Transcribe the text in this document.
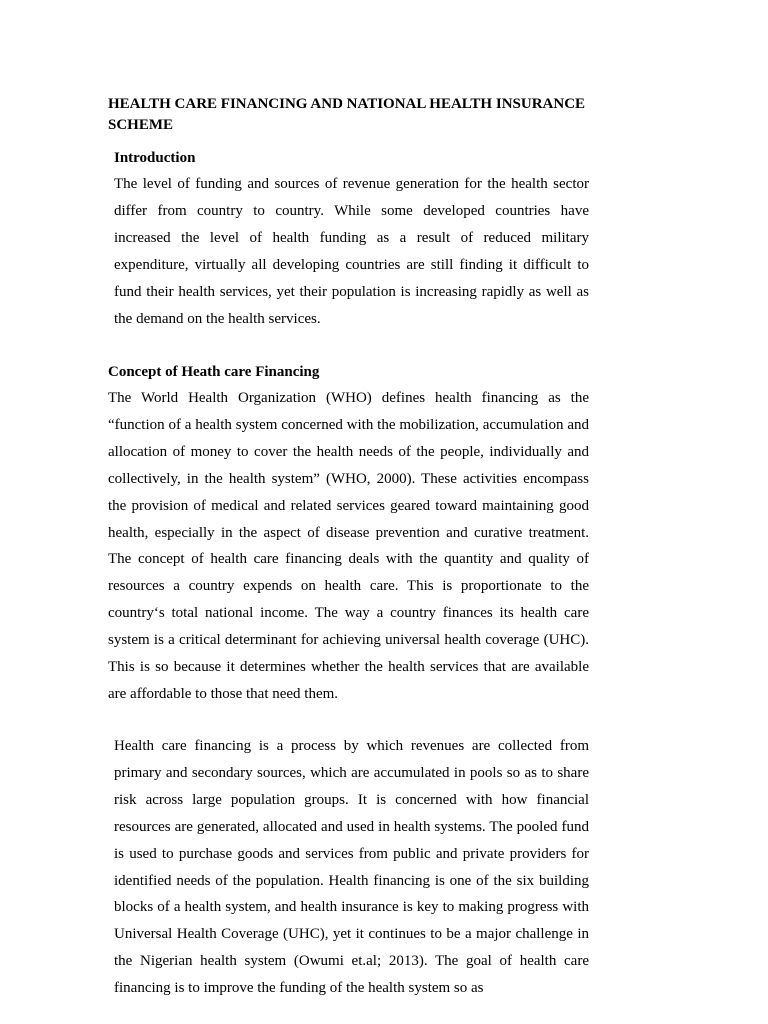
HEALTH CARE FINANCING AND NATIONAL HEALTH INSURANCE SCHEME
Introduction

The level of funding and sources of revenue generation for the health sector differ from country to country. While some developed countries have increased the level of health funding as a result of reduced military expenditure, virtually all developing countries are still finding it difficult to fund their health services, yet their population is increasing rapidly as well as the demand on the health services.

Concept of Heath care Financing

The World Health Organization (WHO) defines health financing as the “function of a health system concerned with the mobilization, accumulation and allocation of money to cover the health needs of the people, individually and collectively, in the health system” (WHO, 2000). These activities encompass the provision of medical and related services geared toward maintaining good health, especially in the aspect of disease prevention and curative treatment. The concept of health care financing deals with the quantity and quality of resources a country expends on health care. This is proportionate to the country‘s total national income. The way a country finances its health care system is a critical determinant for achieving universal health coverage (UHC). This is so because it determines whether the health services that are available are affordable to those that need them.

Health care financing is a process by which revenues are collected from primary and secondary sources, which are accumulated in pools so as to share risk across large population groups. It is concerned with how financial resources are generated, allocated and used in health systems. The pooled fund is used to purchase goods and services from public and private providers for identified needs of the population. Health financing is one of the six building blocks of a health system, and health insurance is key to making progress with Universal Health Coverage (UHC), yet it continues to be a major challenge in the Nigerian health system (Owumi et.al; 2013). The goal of health care financing is to improve the funding of the health system so as
